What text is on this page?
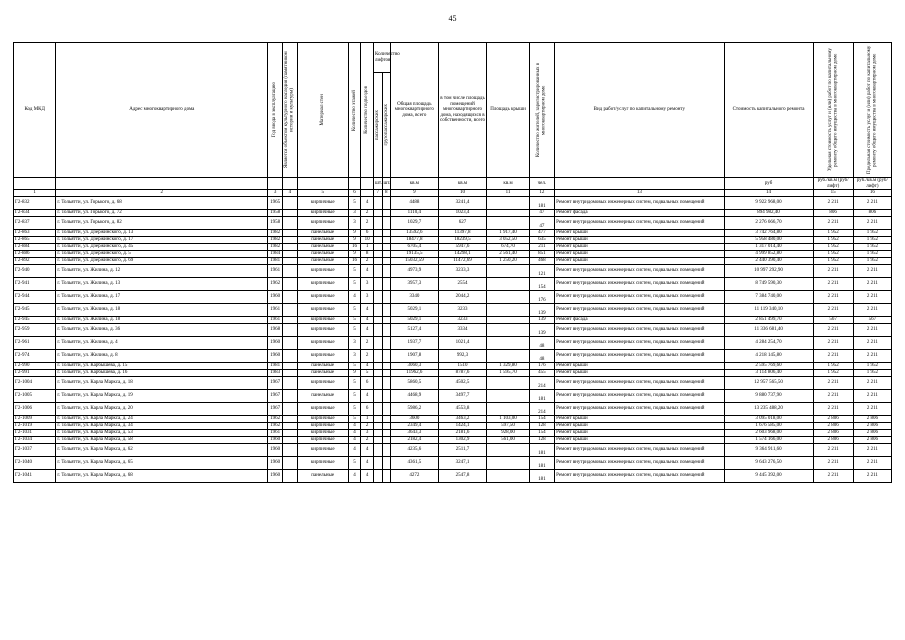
45
Код МКД	Адрес многоквартирного дома	Год ввода в эксплуатацию	Является объектом культурного наследия (памятником истории и культуры)	Материал стен	Количество этажей	Количество подъездов	Количество лифтов		Общая площадь многоквартирного дома, всего	в том числе площадь помещений многоквартирного дома, находящихся в собственности, всего	Площадь крыши	Количество жителей, зарегистрированных в многоквартирном доме	Вид работ/услуг по капитальному ремонту	Стоимость капитального ремонта	Удельная стоимость услуг и (или) работ по капитальному ремонту общего имущества в многоквартирном доме	Предельная стоимость услуг и (или) работ по капитальному ремонту общего имущества в многоквартирном доме

							пассажирских	грузопассажирских								

							шт.	шт.	кв.м	кв.м	кв.м	чел.		руб	руб./кв.м (руб/лифт)	руб./кв.м (руб/лифт)
1	2	3	4	5	6		7	8	9	10	11	12	13	14	15	16
Г2-832	г. Тольятти, ул. Горького, д. 68	1965		кирпичные	5	4			4488	3241,4		181	Ремонт внутридомовых инженерных систем, подвальных помещений	9 922 968,00	2 211	2 211
Г2-834	г. Тольятти, ул. Горького, д. 72	1958		кирпичные	3	2			1110,4	1023,4		47	Ремонт фасада	894 982,40	806	806
Г2-837	г. Тольятти, ул. Горького, д. 82	1958		кирпичные	3	2			1029,7	627		47	Ремонт внутридомовых инженерных систем, подвальных помещений	2 276 666,70	2 211	2 211
Г2-863	г. Тольятти, ул. Дзержинского, д. 13	1982		панельные	9	6			13592,6	11397,8	1 917,40	477	Ремонт крыши	3 742 764,80	1 952	1 952
Г2-865	г. Тольятти, ул. Дзержинского, д. 17	1982		панельные	9	10			18477,8	18239,5	3 052,50	635	Ремонт крыши	5 958 480,00	1 952	1 952
Г2-884	г. Тольятти, ул. Дзержинского, д. 45	1982		панельные	16	1			6705,4	5947,6	674,70	211	Ремонт крыши	1 317 014,40	1 952	1 952
Г2-886	г. Тольятти, ул. Дзержинского, д. 5	1984		панельные	9	8			19135,5	14298,1	2 561,40	851	Ремонт крыши	4 999 852,80	1 952	1 952
Г2-892	г. Тольятти, ул. Дзержинского, д. 69	1981		панельные	16	2			15032,59	11472,69	1 250,20	468	Ремонт крыши	2 440 390,40	1 952	1 952
Г2-940	г. Тольятти, ул. Жилина, д. 12	1961		кирпичные	5	4			4973,9	3233,3		121	Ремонт внутридомовых инженерных систем, подвальных помещений	10 997 292,90	2 211	2 211
Г2-941	г. Тольятти, ул. Жилина, д. 13	1962		кирпичные	5	3			3957,3	2554		154	Ремонт внутридомовых инженерных систем, подвальных помещений	8 749 590,30	2 211	2 211
Г2-944	г. Тольятти, ул. Жилина, д. 17	1960		кирпичные	4	3			3340	2044,2		176	Ремонт внутридомовых инженерных систем, подвальных помещений	7 384 740,00	2 211	2 211
Г2-945	г. Тольятти, ул. Жилина, д. 18	1961		кирпичные	5	4			5029,1	3233		139	Ремонт внутридомовых инженерных систем, подвальных помещений	11 119 340,10	2 211	2 211
Г2-945	г. Тольятти, ул. Жилина, д. 18	1961		кирпичные	5	4			5029,1	3233		139	Ремонт фасада	2 851 499,70	567	567
Г2-959	г. Тольятти, ул. Жилина, д. 36	1968		кирпичные	5	4			5127,4	3334		139	Ремонт внутридомовых инженерных систем, подвальных помещений	11 336 681,40	2 211	2 211
Г2-961	г. Тольятти, ул. Жилина, д. 4	1960		кирпичные	3	2			1937,7	1021,4		48	Ремонт внутридомовых инженерных систем, подвальных помещений	4 284 254,70	2 211	2 211
Г2-974	г. Тольятти, ул. Жилина, д. 8	1960		кирпичные	3	2			1907,8	992,3		48	Ремонт внутридомовых инженерных систем, подвальных помещений	4 218 145,80	2 211	2 211
Г2-990	г. Тольятти, ул. Карбышева, д. 15	1981		панельные	5	4			3060,3	1510	1 329,80	176	Ремонт крыши	2 595 769,60	1 952	1 952
Г2-991	г. Тольятти, ул. Карбышева, д. 16	1983		панельные	9	5			11962,6	8787,6	1 595,70	455	Ремонт крыши	3 114 806,40	1 952	1 952
Г2-1004	г. Тольятти, ул. Карла Маркса, д. 18	1967		кирпичные	5	6			5860,5	4502,5		214	Ремонт внутридомовых инженерных систем, подвальных помещений	12 957 565,50	2 211	2 211
Г2-1005	г. Тольятти, ул. Карла Маркса, д. 19	1967		панельные	5	4			4468,9	3497,7		181	Ремонт внутридомовых инженерных систем, подвальных помещений	9 880 737,90	2 211	2 211
Г2-1006	г. Тольятти, ул. Карла Маркса, д. 20	1967		кирпичные	5	6			5986,2	4553,8		214	Ремонт внутридомовых инженерных систем, подвальных помещений	13 235 488,20	2 211	2 211
Г2-1009	г. Тольятти, ул. Карла Маркса, д. 24	1962		кирпичные	5	1			3600	3463,2	1 103,00	154	Ремонт крыши	3 095 018,00	2 806	2 806
Г2-1019	г. Тольятти, ул. Карла Маркса, д. 34	1962		кирпичные	4	2			2349,4	1424,1	597,50	128	Ремонт крыши	1 676 585,00	2 806	2 806
Г2-1031	г. Тольятти, ул. Карла Маркса, д. 53	1961		кирпичные	4	3			3643,3	2181,6	928,00	154	Ремонт крыши	2 603 968,00	2 806	2 806
Г2-1034	г. Тольятти, ул. Карла Маркса, д. 58	1960		кирпичные	4	2			2182,4	1302,9	561,00	128	Ремонт крыши	1 574 166,00	2 806	2 806
Г2-1037	г. Тольятти, ул. Карла Маркса, д. 62	1960		кирпичные	4	4			4235,6	2511,7		181	Ремонт внутридомовых инженерных систем, подвальных помещений	9 364 911,60	2 211	2 211
Г2-1040	г. Тольятти, ул. Карла Маркса, д. 65	1960		кирпичные	5	4			4361,5	3247,1		181	Ремонт внутридомовых инженерных систем, подвальных помещений	9 643 276,50	2 211	2 211
Г2-1041	г. Тольятти, ул. Карла Маркса, д. 68	1960		панельные	4	4			4272	2547,8		181	Ремонт внутридомовых инженерных систем, подвальных помещений	9 445 392,00	2 211	2 211
